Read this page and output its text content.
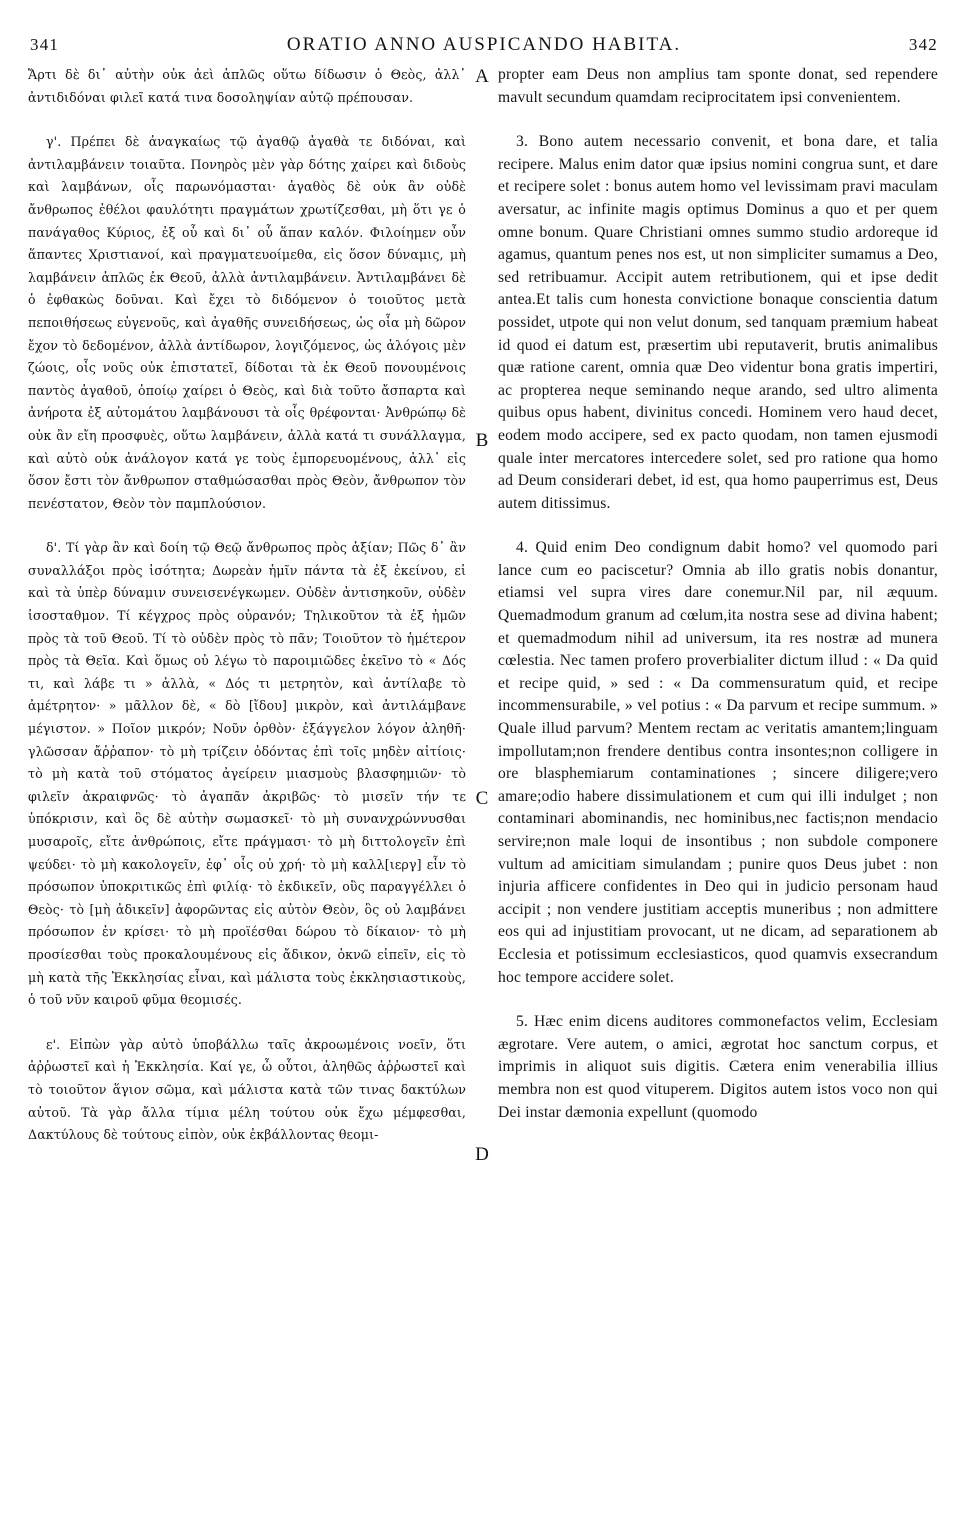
341	ORATIO ANNO AUSPICANDO HABITA.	342

Ἄρτι δὲ δι᾽ αὐτὴν οὐκ ἀεὶ ἁπλῶς οὕτω δίδωσιν ὁ Θεὸς, ἀλλ᾽ ἀντιδιδόναι φιλεῖ κατά τινα δοσοληψίαν αὐτῷ πρέπουσαν.

γ'. Πρέπει δὲ ἀναγκαίως τῷ ἀγαθῷ ἀγαθὰ τε διδόναι, καὶ ἀντιλαμβάνειν τοιαῦτα. Πονηρὸς μὲν γὰρ δότης χαίρει καὶ διδοὺς καὶ λαμβάνων, οἷς παρωνόμασται· ἀγαθὸς δὲ οὐκ ἂν οὐδὲ ἄνθρωπος ἐθέλοι φαυλότητι πραγμάτων χρωτίζεσθαι, μὴ ὅτι γε ὁ πανάγαθος Κύριος, ἐξ οὗ καὶ δι᾽ οὗ ἅπαν καλόν. Φιλοίημεν οὖν ἅπαντες Χριστιανοί, καὶ πραγματευοίμεθα, εἰς ὅσον δύναμις, μὴ λαμβάνειν ἁπλῶς ἐκ Θεοῦ, ἀλλὰ ἀντιλαμβάνειν. Ἀντιλαμβάνει δὲ ὁ ἐφθακὼς δοῦναι. Καὶ ἔχει τὸ διδόμενον ὁ τοιοῦτος μετὰ πεποιθήσεως εὐγενοῦς, καὶ ἀγαθῆς συνειδήσεως, ὡς οἷα μὴ δῶρον ἔχον τὸ δεδομένον, ἀλλὰ ἀντίδωρον, λογιζόμενος, ὡς ἀλόγοις μὲν ζώοις, οἷς νοῦς οὐκ ἐπιστατεῖ, δίδοται τὰ ἐκ Θεοῦ πονουμένοις παντὸς ἀγαθοῦ, ὁποίῳ χαίρει ὁ Θεὸς, καὶ διὰ τοῦτο ἄσπαρτα καὶ ἀνήροτα ἐξ αὐτομάτου λαμβάνουσι τὰ οἷς θρέφονται· Ἀνθρώπῳ δὲ οὐκ ἂν εἴη προσφυὲς, οὕτω λαμβάνειν, ἀλλὰ κατά τι συνάλλαγμα, καὶ αὐτὸ οὐκ ἀνάλογον κατά γε τοὺς ἐμπορευομένους, ἀλλ᾽ εἰς ὅσον ἔστι τὸν ἄνθρωπον σταθμώσασθαι πρὸς Θεὸν, ἄνθρωπον τὸν πενέστατον, Θεὸν τὸν παμπλούσιον.

δ'. Τί γὰρ ἂν καὶ δοίη τῷ Θεῷ ἄνθρωπος πρὸς ἀξίαν; Πῶς δ᾽ ἂν συναλλάξοι πρὸς ἰσότητα; Δωρεὰν ἡμῖν πάντα τὰ ἐξ ἐκείνου, εἰ καὶ τὰ ὑπὲρ δύναμιν συνεισενέγκωμεν. Οὐδὲν ἀντισηκοῦν, οὐδὲν ἰσοσταθμον. Τί κέγχρος πρὸς οὐρανόν; Τηλικοῦτον τὰ ἐξ ἡμῶν πρὸς τὰ τοῦ Θεοῦ. Τί τὸ οὐδὲν πρὸς τὸ πᾶν; Τοιοῦτον τὸ ἡμέτερον πρὸς τὰ Θεῖα. Καὶ ὅμως οὐ λέγω τὸ παροιμιῶδες ἐκεῖνο τὸ « Δός τι, καὶ λάβε τι » ἀλλὰ, « Δός τι μετρητὸν, καὶ ἀντίλαβε τὸ ἀμέτρητον· » μᾶλλον δὲ, « δὸ [ἴδου] μικρὸν, καὶ ἀντιλάμβανε μέγιστον. » Ποῖον μικρόν; Νοῦν ὀρθὸν· ἐξάγγελον λόγον ἀληθῆ· γλῶσσαν ἄῤῥαπον· τὸ μὴ τρίζειν ὀδόντας ἐπὶ τοῖς μηδὲν αἰτίοις· τὸ μὴ κατὰ τοῦ στόματος ἀγείρειν μιασμοὺς βλασφημιῶν· τὸ φιλεῖν ἀκραιφνῶς· τὸ ἀγαπᾶν ἀκριβῶς· τὸ μισεῖν τήν τε ὑπόκρισιν, καὶ ὃς δὲ αὐτὴν σωμασκεῖ· τὸ μὴ συνανχρώννυσθαι μυσαροῖς, εἴτε ἀνθρώποις, εἴτε πράγμασι· τὸ μὴ διττολογεῖν ἐπὶ ψεύδει· τὸ μὴ κακολογεῖν, ἐφ᾽ οἷς οὐ χρή· τὸ μὴ καλλ[ιεργ] εἶν τὸ πρόσωπον ὑποκριτικῶς ἐπὶ φιλίᾳ· τὸ ἐκδικεῖν, οὓς παραγγέλλει ὁ Θεὸς· τὸ [μὴ ἀδικεῖν] ἀφορῶντας εἰς αὐτὸν Θεὸν, ὃς οὐ λαμβάνει πρόσωπον ἐν κρίσει· τὸ μὴ προϊέσθαι δώρου τὸ δίκαιον· τὸ μὴ προσίεσθαι τοὺς προκαλουμένους εἰς ἄδικον, ὀκνῶ εἰπεῖν, εἰς τὸ μὴ κατὰ τῆς Ἐκκλησίας εἶναι, καὶ μάλιστα τοὺς ἐκκλησιαστικοὺς, ὁ τοῦ νῦν καιροῦ φῦμα θεομισές.

ε'. Εἰπὼν γὰρ αὐτὸ ὑποβάλλω ταῖς ἀκροωμένοις νοεῖν, ὅτι ἀῤῥωστεῖ καὶ ἡ Ἐκκλησία. Καί γε, ὦ οὗτοι, ἀληθῶς ἀῤῥωστεῖ καὶ τὸ τοιοῦτον ἅγιον σῶμα, καὶ μάλιστα κατὰ τῶν τινας δακτύλων αὐτοῦ. Τὰ γὰρ ἄλλα τίμια μέλη τούτου οὐκ ἔχω μέμφεσθαι, Δακτύλους δὲ τούτους εἰπὸν, οὐκ ἐκβάλλοντας θεομι-

A
B
C
D

propter eam Deus non amplius tam sponte donat, sed rependere mavult secundum quamdam reciprocitatem ipsi convenientem.

3. Bono autem necessario convenit, et bona dare, et talia recipere. Malus enim dator quæ ipsius nomini congrua sunt, et dare et recipere solet : bonus autem homo vel levissimam pravi maculam aversatur, ac infinite magis optimus Dominus a quo et per quem omne bonum. Quare Christiani omnes summo studio ardoreque id agamus, quantum penes nos est, ut non simpliciter sumamus a Deo, sed retribuamur. Accipit autem retributionem, qui et ipse dedit antea.Et talis cum honesta convictione bonaque conscientia datum possidet, utpote qui non velut donum, sed tanquam præmium habeat id quod ei datum est, præsertim ubi reputaverit, brutis animalibus quæ ratione carent, omnia quæ Deo videntur bona gratis impertiri, ac propterea neque seminando neque arando, sed ultro alimenta quibus opus habent, divinitus concedi. Hominem vero haud decet, eodem modo accipere, sed ex pacto quodam, non tamen ejusmodi quale inter mercatores intercedere solet, sed pro ratione qua homo ad Deum considerari debet, id est, qua homo pauperrimus est, Deus autem ditissimus.

4. Quid enim Deo condignum dabit homo? vel quomodo pari lance cum eo paciscetur? Omnia ab illo gratis nobis donantur, etiamsi vel supra vires dare conemur.Nil par, nil æquum. Quemadmodum granum ad cœlum,ita nostra sese ad divina habent; et quemadmodum nihil ad universum, ita res nostræ ad munera cœlestia. Nec tamen profero proverbialiter dictum illud : « Da quid et recipe quid, » sed : « Da commensuratum quid, et recipe incommensurabile, » vel potius : « Da parvum et recipe summum. » Quale illud parvum? Mentem rectam ac veritatis amantem;linguam impollutam;non frendere dentibus contra insontes;non colligere in ore blasphemiarum contaminationes ; sincere diligere;vero amare;odio habere dissimulationem et cum qui illi indulget ; non contaminari abominandis, nec hominibus,nec factis;non mendacio servire;non male loqui de insontibus ; non subdole componere vultum ad amicitiam simulandam ; punire quos Deus jubet : non injuria afficere confidentes in Deo qui in judicio personam haud accipit ; non vendere justitiam acceptis muneribus ; non admittere eos qui ad injustitiam provocant, ut ne dicam, ad separationem ab Ecclesia et potissimum ecclesiasticos, quod quamvis exsecrandum hoc tempore accidere solet.

5. Hæc enim dicens auditores commonefactos velim, Ecclesiam ægrotare. Vere autem, o amici, ægrotat hoc sanctum corpus, et imprimis in aliquot suis digitis. Cætera enim venerabilia illius membra non est quod vituperem. Digitos autem istos voco non qui Dei instar dæmonia expellunt (quomodo
